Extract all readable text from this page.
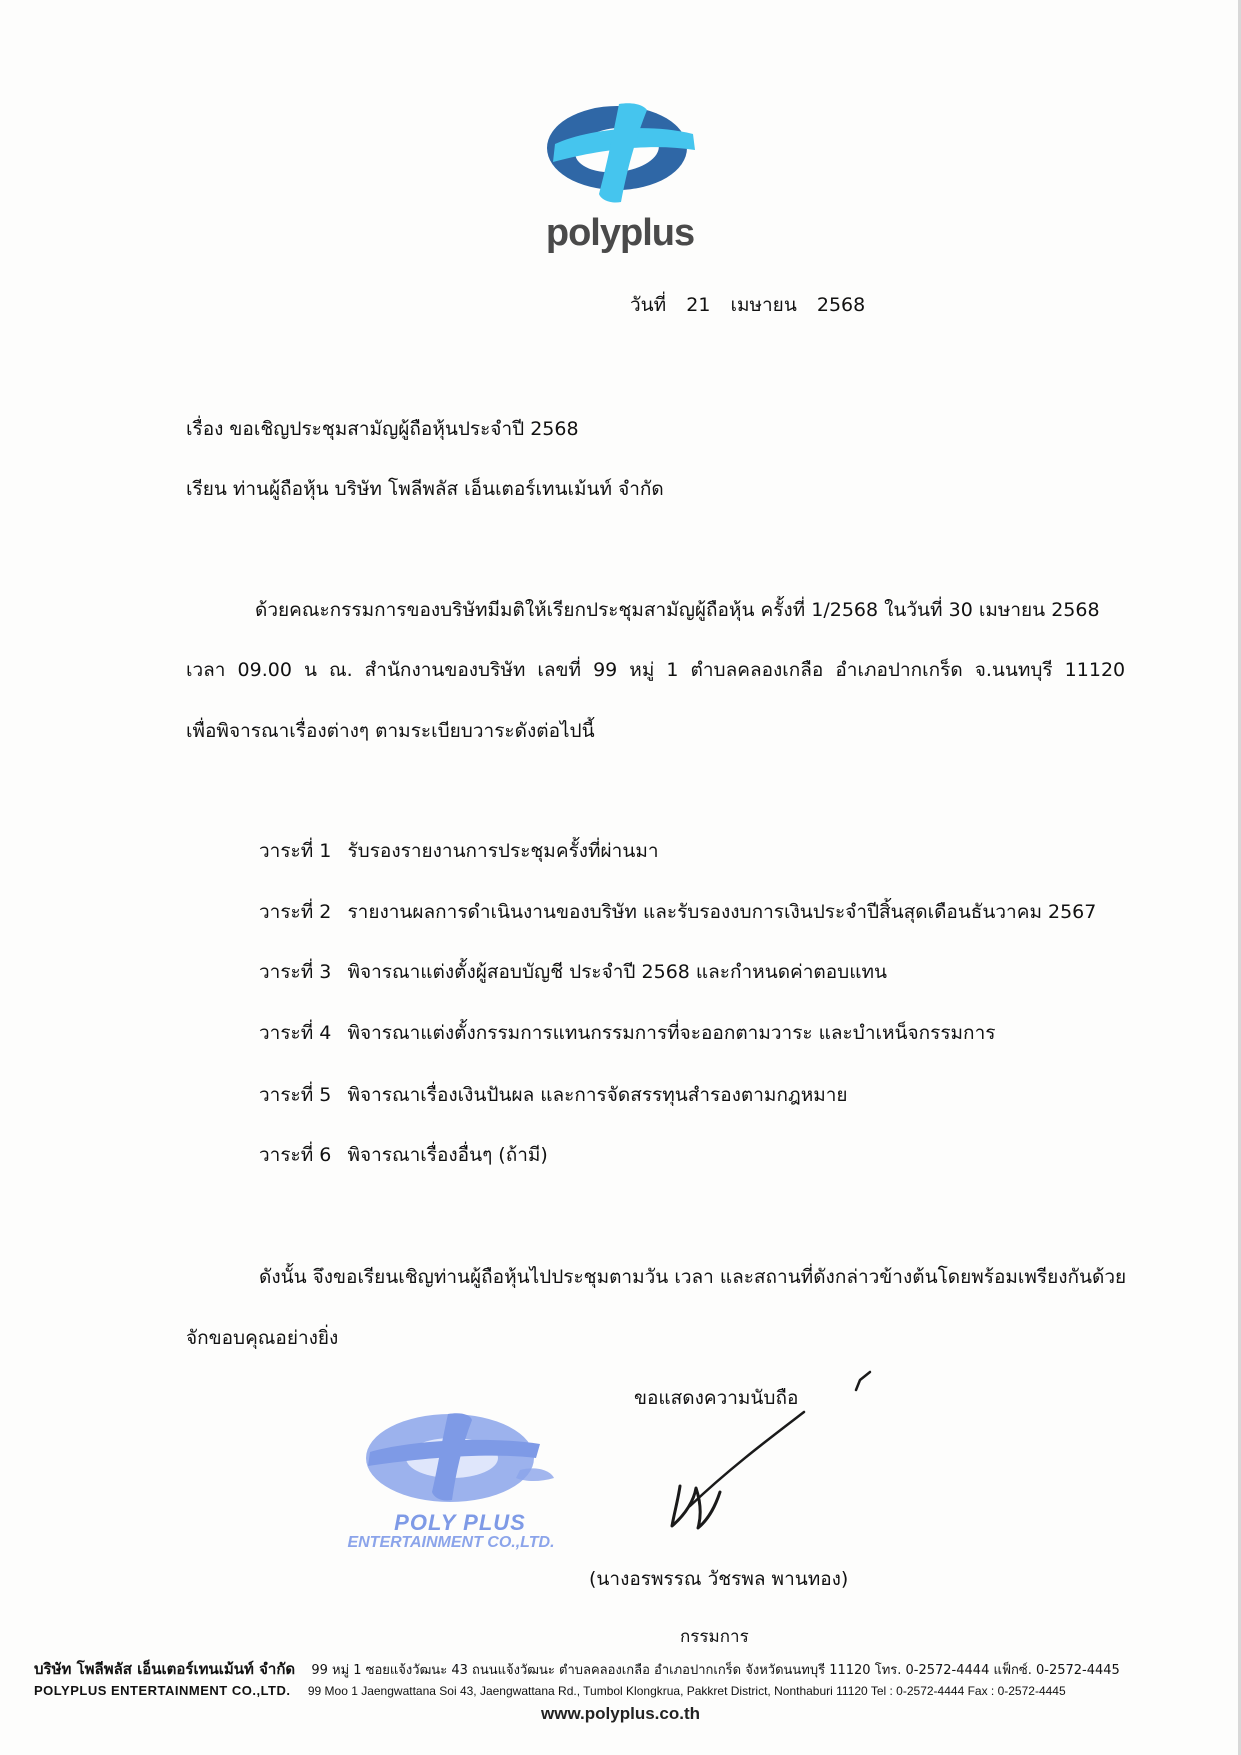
polyplus
วันที่ 21 เมษายน 2568
เรื่อง ขอเชิญประชุมสามัญผู้ถือหุ้นประจำปี 2568
เรียน ท่านผู้ถือหุ้น บริษัท โพลีพลัส เอ็นเตอร์เทนเม้นท์ จำกัด
ด้วยคณะกรรมการของบริษัทมีมติให้เรียกประชุมสามัญผู้ถือหุ้น ครั้งที่ 1/2568 ในวันที่ 30 เมษายน 2568
เวลา 09.00 น ณ. สำนักงานของบริษัท เลขที่ 99 หมู่ 1 ตำบลคลองเกลือ อำเภอปากเกร็ด จ.นนทบุรี 11120
เพื่อพิจารณาเรื่องต่างๆ ตามระเบียบวาระดังต่อไปนี้
วาระที่ 1 รับรองรายงานการประชุมครั้งที่ผ่านมา
วาระที่ 2 รายงานผลการดำเนินงานของบริษัท และรับรองงบการเงินประจำปีสิ้นสุดเดือนธันวาคม 2567
วาระที่ 3 พิจารณาแต่งตั้งผู้สอบบัญชี ประจำปี 2568 และกำหนดค่าตอบแทน
วาระที่ 4 พิจารณาแต่งตั้งกรรมการแทนกรรมการที่จะออกตามวาระ และบำเหน็จกรรมการ
วาระที่ 5 พิจารณาเรื่องเงินปันผล และการจัดสรรทุนสำรองตามกฎหมาย
วาระที่ 6 พิจารณาเรื่องอื่นๆ (ถ้ามี)
ดังนั้น จึงขอเรียนเชิญท่านผู้ถือหุ้นไปประชุมตามวัน เวลา และสถานที่ดังกล่าวข้างต้นโดยพร้อมเพรียงกันด้วย
จักขอบคุณอย่างยิ่ง
ขอแสดงความนับถือ
POLY PLUS
ENTERTAINMENT CO.,LTD.
(นางอรพรรณ วัชรพล พานทอง)
กรรมการ
บริษัท โพลีพลัส เอ็นเตอร์เทนเม้นท์ จำกัด 99 หมู่ 1 ซอยแจ้งวัฒนะ 43 ถนนแจ้งวัฒนะ ตำบลคลองเกลือ อำเภอปากเกร็ด จังหวัดนนทบุรี 11120 โทร. 0-2572-4444 แฟ็กซ์. 0-2572-4445
POLYPLUS ENTERTAINMENT CO.,LTD. 99 Moo 1 Jaengwattana Soi 43, Jaengwattana Rd., Tumbol Klongkrua, Pakkret District, Nonthaburi 11120 Tel : 0-2572-4444 Fax : 0-2572-4445
www.polyplus.co.th
